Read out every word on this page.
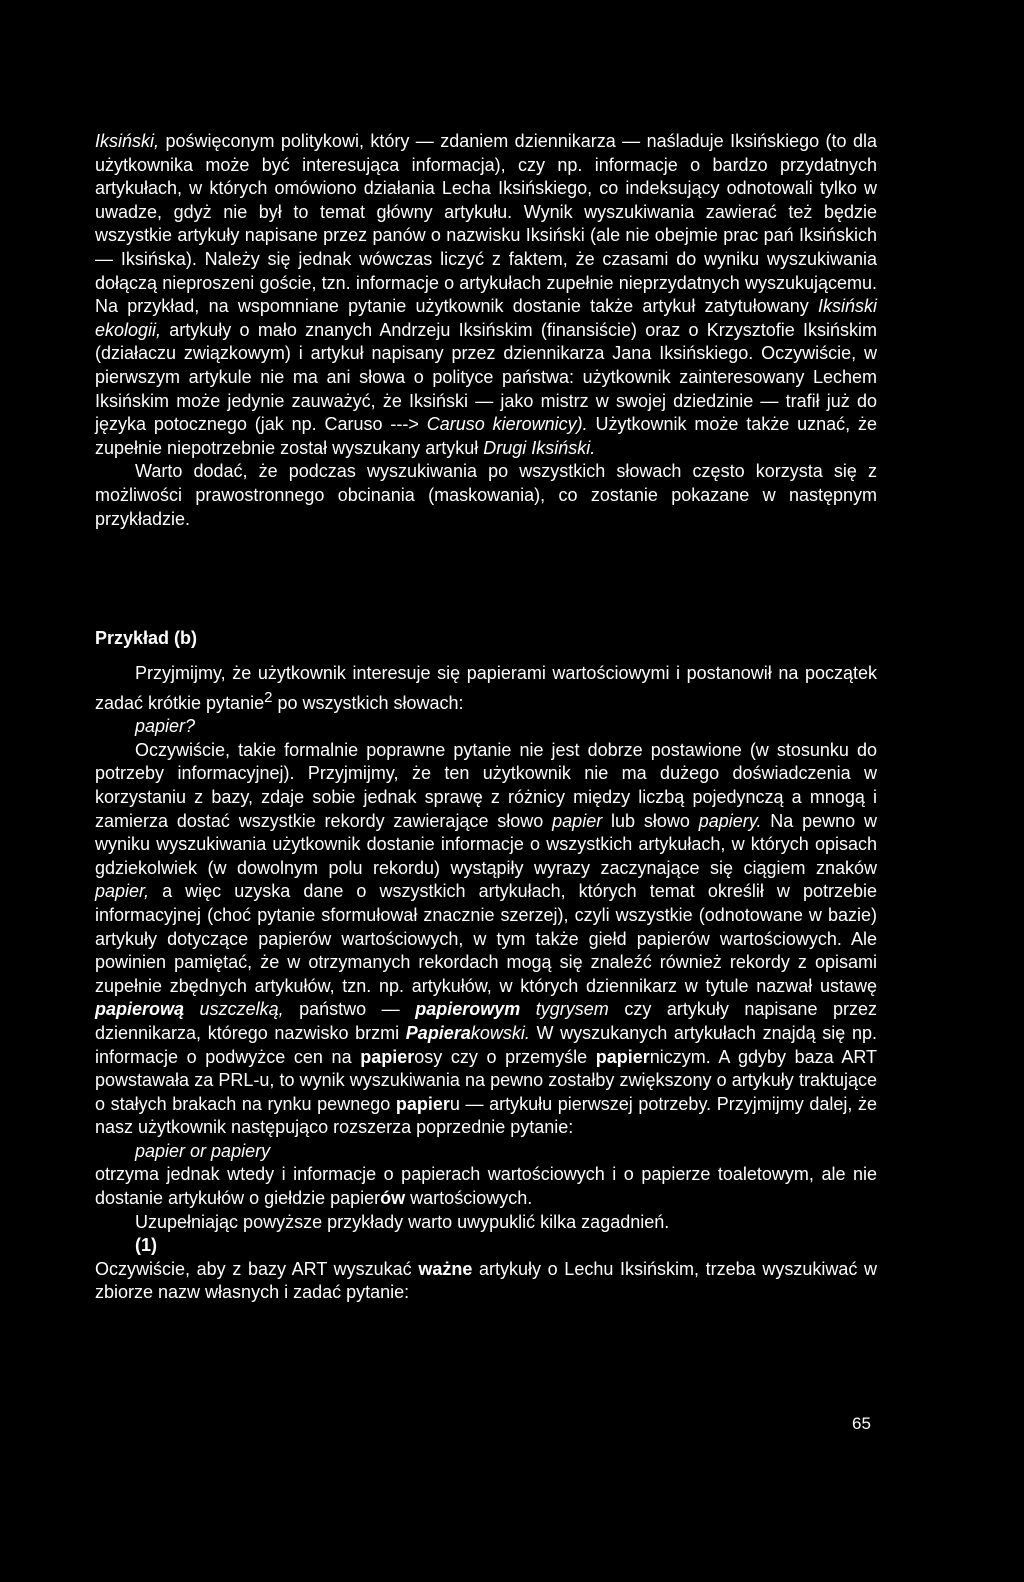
Iksiński, poświęconym politykowi, który — zdaniem dziennikarza — naśladuje Iksińskiego (to dla użytkownika może być interesująca informacja), czy np. informacje o bardzo przydatnych artykułach, w których omówiono działania Lecha Iksińskiego, co indeksujący odnotowali tylko w uwadze, gdyż nie był to temat główny artykułu. Wynik wyszukiwania zawierać też będzie wszystkie artykuły napisane przez panów o nazwisku Iksiński (ale nie obejmie prac pań Iksińskich — Iksińska). Należy się jednak wówczas liczyć z faktem, że czasami do wyniku wyszukiwania dołączą nieproszeni goście, tzn. informacje o artykułach zupełnie nieprzydatnych wyszukującemu. Na przykład, na wspomniane pytanie użytkownik dostanie także artykuł zatytułowany Iksiński ekologii, artykuły o mało znanych Andrzeju Iksińskim (finansiście) oraz o Krzysztofie Iksińskim (działaczu związkowym) i artykuł napisany przez dziennikarza Jana Iksińskiego. Oczywiście, w pierwszym artykule nie ma ani słowa o polityce państwa: użytkownik zainteresowany Lechem Iksińskim może jedynie zauważyć, że Iksiński — jako mistrz w swojej dziedzinie — trafił już do języka potocznego (jak np. Caruso ---> Caruso kierownicy). Użytkownik może także uznać, że zupełnie niepotrzebnie został wyszukany artykuł Drugi Iksiński.

Warto dodać, że podczas wyszukiwania po wszystkich słowach często korzysta się z możliwości prawostronnego obcinania (maskowania), co zostanie pokazane w następnym przykładzie.

Przykład (b)

Przyjmijmy, że użytkownik interesuje się papierami wartościowymi i postanowił na początek zadać krótkie pytanie$^2$ po wszystkich słowach:

papier?

Oczywiście, takie formalnie poprawne pytanie nie jest dobrze postawione (w stosunku do potrzeby informacyjnej). Przyjmijmy, że ten użytkownik nie ma dużego doświadczenia w korzystaniu z bazy, zdaje sobie jednak sprawę z różnicy między liczbą pojedynczą a mnogą i zamierza dostać wszystkie rekordy zawierające słowo papier lub słowo papiery. Na pewno w wyniku wyszukiwania użytkownik dostanie informacje o wszystkich artykułach, w których opisach gdziekolwiek (w dowolnym polu rekordu) wystąpiły wyrazy zaczynające się ciągiem znaków papier, a więc uzyska dane o wszystkich artykułach, których temat określił w potrzebie informacyjnej (choć pytanie sformułował znacznie szerzej), czyli wszystkie (odnotowane w bazie) artykuły dotyczące papierów wartościowych, w tym także giełd papierów wartościowych. Ale powinien pamiętać, że w otrzymanych rekordach mogą się znaleźć również rekordy z opisami zupełnie zbędnych artykułów, tzn. np. artykułów, w których dziennikarz w tytule nazwał ustawę papierową uszczelką, państwo — papierowym tygrysem czy artykuły napisane przez dziennikarza, którego nazwisko brzmi Papierakowski. W wyszukanych artykułach znajdą się np. informacje o podwyżce cen na papierosy czy o przemyśle papierniczym. A gdyby baza ART powstawała za PRL-u, to wynik wyszukiwania na pewno zostałby zwiększony o artykuły traktujące o stałych brakach na rynku pewnego papieru — artykułu pierwszej potrzeby. Przyjmijmy dalej, że nasz użytkownik następująco rozszerza poprzednie pytanie:

papier or papiery

otrzyma jednak wtedy i informacje o papierach wartościowych i o papierze toaletowym, ale nie dostanie artykułów o giełdzie papierów wartościowych.

Uzupełniając powyższe przykłady warto uwypuklić kilka zagadnień.

(1)

Oczywiście, aby z bazy ART wyszukać ważne artykuły o Lechu Iksińskim, trzeba wyszukiwać w zbiorze nazw własnych i zadać pytanie:

65
